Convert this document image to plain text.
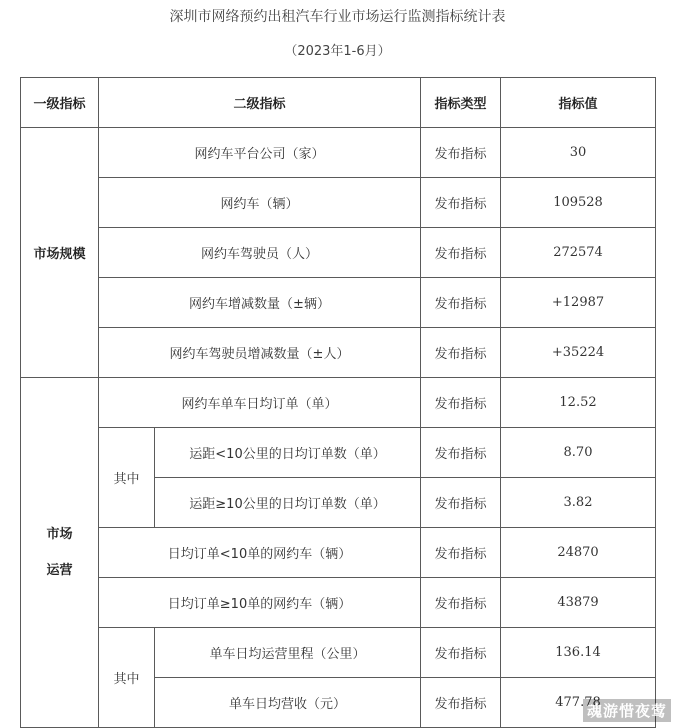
深圳市网络预约出租汽车行业市场运行监测指标统计表
（2023年1-6月）
一级指标	二级指标		指标类型	指标值
市场规模	网约车平台公司（家）		发布指标	30
	网约车（辆）		发布指标	109528
	网约车驾驶员（人）		发布指标	272574
	网约车增减数量（±辆）		发布指标	+12987
	网约车驾驶员增减数量（±人）		发布指标	+35224
市场运营	网约车单车日均订单（单）		发布指标	12.52
	其中	运距<10公里的日均订单数（单）	发布指标	8.70
		运距≥10公里的日均订单数（单）	发布指标	3.82
	日均订单<10单的网约车（辆）		发布指标	24870
	日均订单≥10单的网约车（辆）		发布指标	43879
	其中	单车日均运营里程（公里）	发布指标	136.14
		单车日均营收（元）	发布指标	477.78
魂游惜夜莺
